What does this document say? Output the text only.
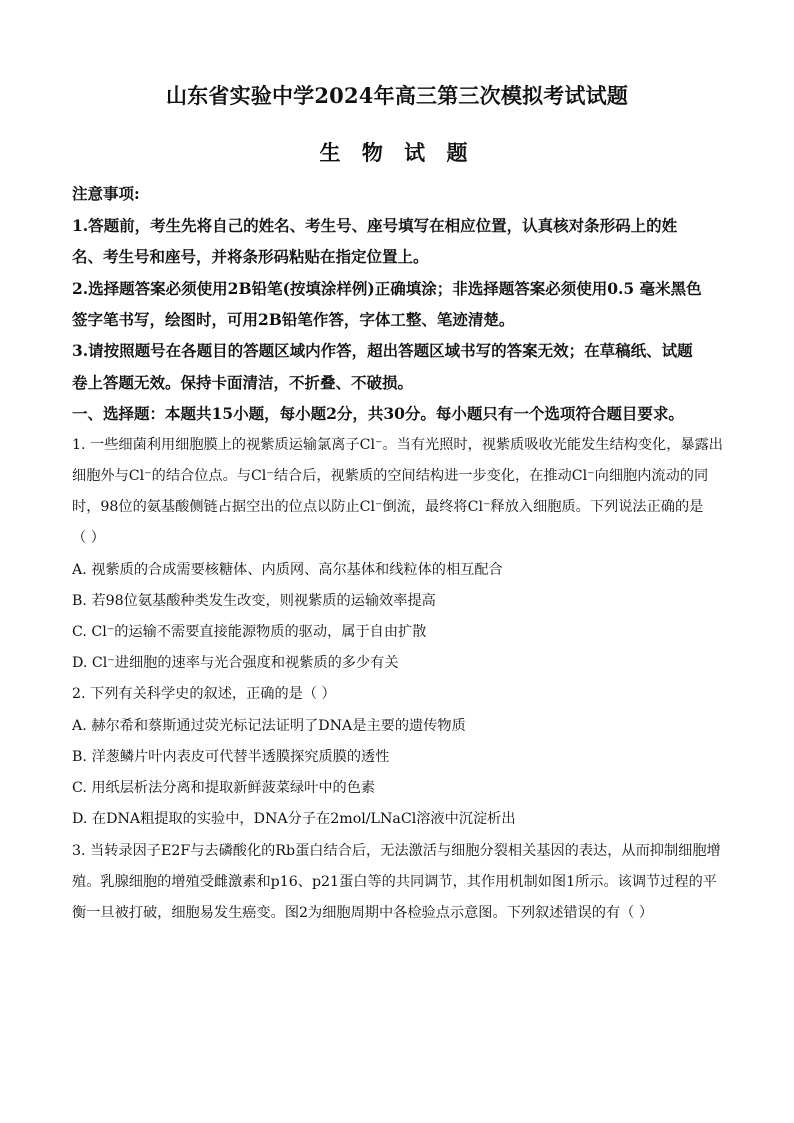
山东省实验中学2024年高三第三次模拟考试试题
生 物 试 题
注意事项:
1.答题前，考生先将自己的姓名、考生号、座号填写在相应位置，认真核对条形码上的姓
名、考生号和座号，并将条形码粘贴在指定位置上。
2.选择题答案必须使用2B铅笔(按填涂样例)正确填涂；非选择题答案必须使用0.5 毫米黑色
签字笔书写，绘图时，可用2B铅笔作答，字体工整、笔迹清楚。
3.请按照题号在各题目的答题区域内作答，超出答题区域书写的答案无效；在草稿纸、试题
卷上答题无效。保持卡面清洁，不折叠、不破损。
一、选择题：本题共15小题，每小题2分，共30分。每小题只有一个选项符合题目要求。
1. 一些细菌利用细胞膜上的视紫质运输氯离子Cl⁻。当有光照时，视紫质吸收光能发生结构变化，暴露出
细胞外与Cl⁻的结合位点。与Cl⁻结合后，视紫质的空间结构进一步变化，在推动Cl⁻向细胞内流动的同
时，98位的氨基酸侧链占据空出的位点以防止Cl⁻倒流，最终将Cl⁻释放入细胞质。下列说法正确的是
（ ）
A. 视紫质的合成需要核糖体、内质网、高尔基体和线粒体的相互配合
B. 若98位氨基酸种类发生改变，则视紫质的运输效率提高
C. Cl⁻的运输不需要直接能源物质的驱动，属于自由扩散
D. Cl⁻进细胞的速率与光合强度和视紫质的多少有关
2. 下列有关科学史的叙述，正确的是（ ）
A. 赫尔希和蔡斯通过荧光标记法证明了DNA是主要的遗传物质
B. 洋葱鳞片叶内表皮可代替半透膜探究质膜的透性
C. 用纸层析法分离和提取新鲜菠菜绿叶中的色素
D. 在DNA粗提取的实验中，DNA分子在2mol/LNaCl溶液中沉淀析出
3. 当转录因子E2F与去磷酸化的Rb蛋白结合后，无法激活与细胞分裂相关基因的表达，从而抑制细胞增
殖。乳腺细胞的增殖受雌激素和p16、p21蛋白等的共同调节，其作用机制如图1所示。该调节过程的平
衡一旦被打破，细胞易发生癌变。图2为细胞周期中各检验点示意图。下列叙述错误的有（ ）
